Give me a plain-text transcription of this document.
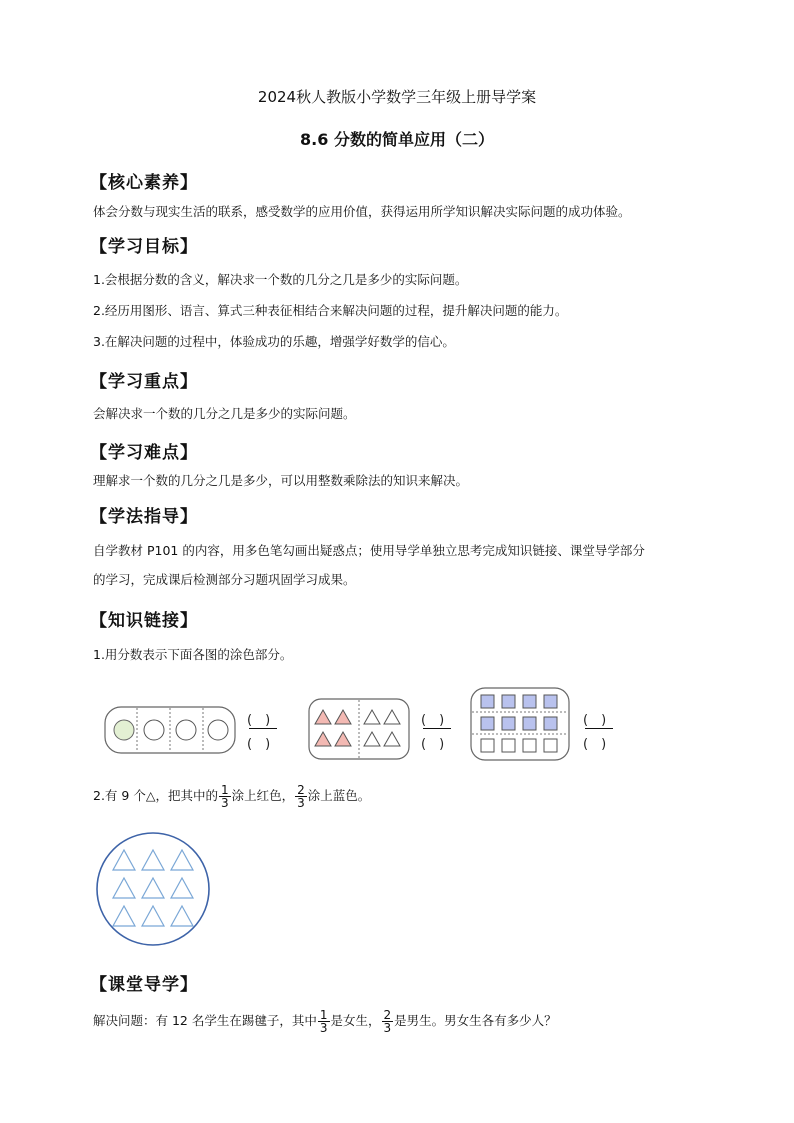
2024秋人教版小学数学三年级上册导学案
8.6 分数的简单应用（二）
【核心素养】
体会分数与现实生活的联系，感受数学的应用价值，获得运用所学知识解决实际问题的成功体验。
【学习目标】
1.会根据分数的含义，解决求一个数的几分之几是多少的实际问题。
2.经历用图形、语言、算式三种表征相结合来解决问题的过程，提升解决问题的能力。
3.在解决问题的过程中，体验成功的乐趣，增强学好数学的信心。
【学习重点】
会解决求一个数的几分之几是多少的实际问题。
【学习难点】
理解求一个数的几分之几是多少，可以用整数乘除法的知识来解决。
【学法指导】
自学教材 P101 的内容，用多色笔勾画出疑惑点；使用导学单独立思考完成知识链接、课堂导学部分
的学习，完成课后检测部分习题巩固学习成果。
【知识链接】
1.用分数表示下面各图的涂色部分。
(　)
(　)
(　)
(　)
(　)
(　)
2.有 9 个△，把其中的 $\frac{1}{3}$ 涂上红色， $\frac{2}{3}$ 涂上蓝色。
【课堂导学】
解决问题：有 12 名学生在踢毽子，其中 $\frac{1}{3}$ 是女生， $\frac{2}{3}$ 是男生。男女生各有多少人？
